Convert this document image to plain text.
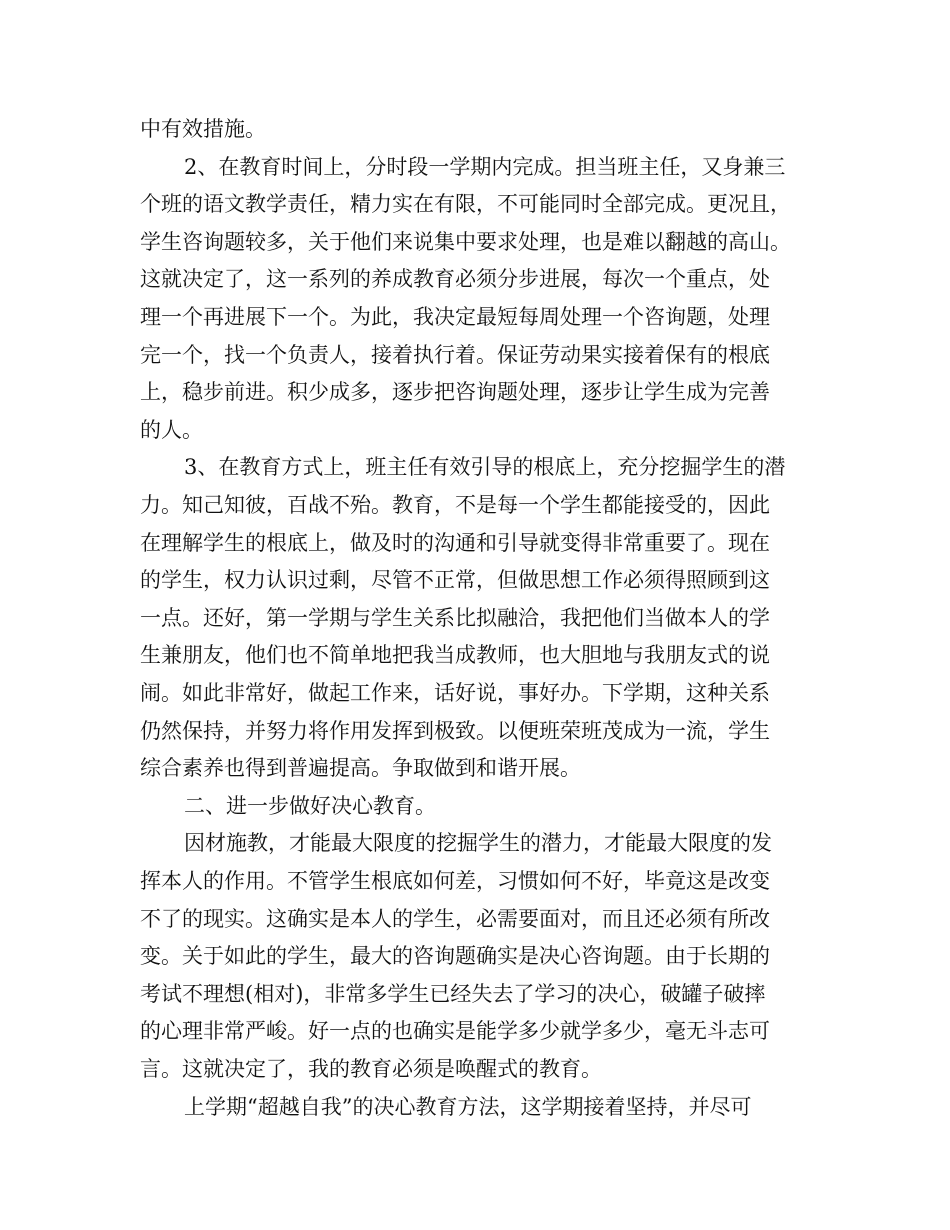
中有效措施。
2、在教育时间上，分时段一学期内完成。担当班主任，又身兼三
个班的语文教学责任，精力实在有限，不可能同时全部完成。更况且，
学生咨询题较多，关于他们来说集中要求处理，也是难以翻越的高山。
这就决定了，这一系列的养成教育必须分步进展，每次一个重点，处
理一个再进展下一个。为此，我决定最短每周处理一个咨询题，处理
完一个，找一个负责人，接着执行着。保证劳动果实接着保有的根底
上，稳步前进。积少成多，逐步把咨询题处理，逐步让学生成为完善
的人。
3、在教育方式上，班主任有效引导的根底上，充分挖掘学生的潜
力。知己知彼，百战不殆。教育，不是每一个学生都能接受的，因此
在理解学生的根底上，做及时的沟通和引导就变得非常重要了。现在
的学生，权力认识过剩，尽管不正常，但做思想工作必须得照顾到这
一点。还好，第一学期与学生关系比拟融洽，我把他们当做本人的学
生兼朋友，他们也不简单地把我当成教师，也大胆地与我朋友式的说
闹。如此非常好，做起工作来，话好说，事好办。下学期，这种关系
仍然保持，并努力将作用发挥到极致。以便班荣班茂成为一流，学生
综合素养也得到普遍提高。争取做到和谐开展。
二、进一步做好决心教育。
因材施教，才能最大限度的挖掘学生的潜力，才能最大限度的发
挥本人的作用。不管学生根底如何差，习惯如何不好，毕竟这是改变
不了的现实。这确实是本人的学生，必需要面对，而且还必须有所改
变。关于如此的学生，最大的咨询题确实是决心咨询题。由于长期的
考试不理想(相对)，非常多学生已经失去了学习的决心，破罐子破摔
的心理非常严峻。好一点的也确实是能学多少就学多少，毫无斗志可
言。这就决定了，我的教育必须是唤醒式的教育。
上学期“超越自我”的决心教育方法，这学期接着坚持，并尽可
